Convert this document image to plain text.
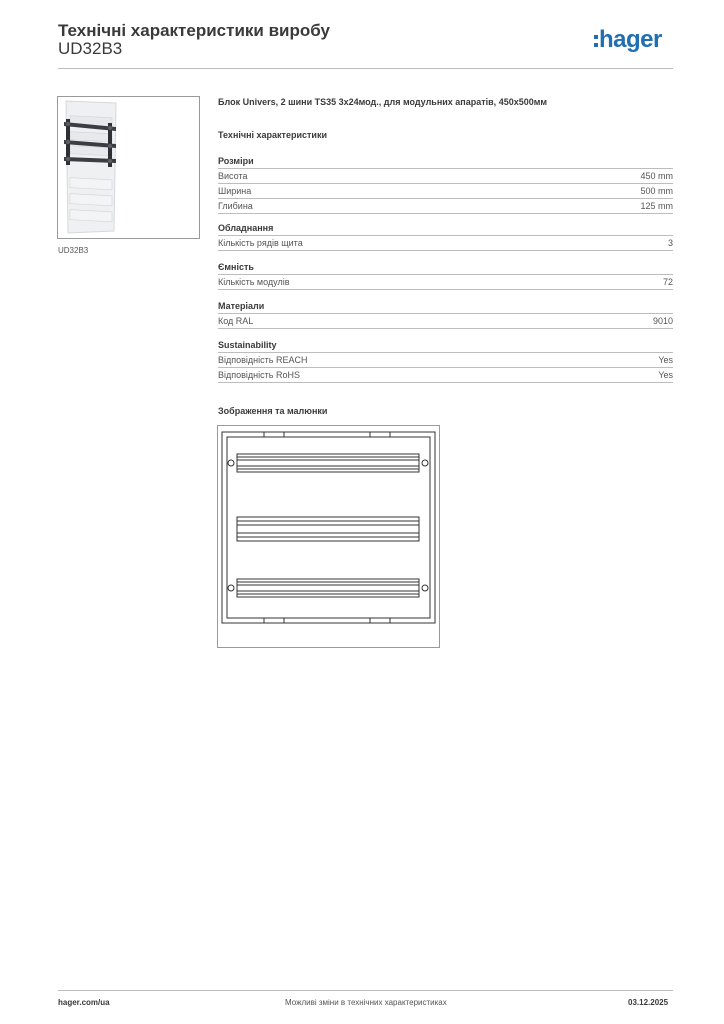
Технічні характеристики виробу
UD32B3	hager
UD32B3
Блок Univers, 2 шини TS35 3x24мод., для модульних апаратів, 450x500мм
Технічні характеристики
Розміри
Висота	450 mm
Ширина	500 mm
Глибина	125 mm
Обладнання
Кількість рядів щита	3
Ємність
Кількість модулів	72
Матеріали
Код RAL	9010
Sustainability
Відповідність REACH	Yes
Відповідність RoHS	Yes
Зображення та малюнки
hager.com/ua	Можливі зміни в технічних характеристиках	03.12.2025
